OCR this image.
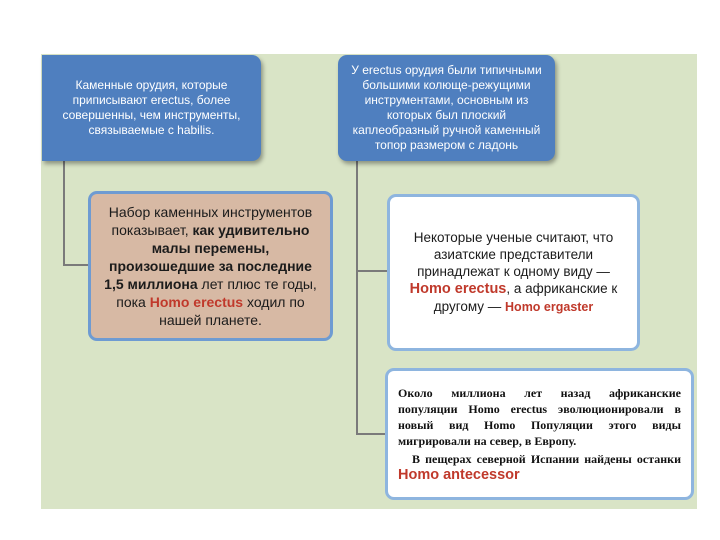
Каменные орудия, которые приписывают erectus, более совершенны, чем инструменты, связываемые с habilis.
У erectus орудия были типичными большими колюще-режущими инструментами, основным из которых был плоский каплеобразный ручной каменный топор размером с ладонь
Набор каменных инструментов показывает, как удивительно малы перемены, произошедшие за последние 1,5 миллиона лет плюс те годы, пока Homo erectus ходил по нашей планете.
Некоторые ученые считают, что азиатские представители принадлежат к одному виду — Homo erectus, а африканские к другому — Homo ergaster

Около миллиона лет назад африканские популяции Homo erectus эволюционировали в новый вид Homo Популяции этого виды мигрировали на север, в Европу.

В пещерах северной Испании найдены останки Homo antecessor
